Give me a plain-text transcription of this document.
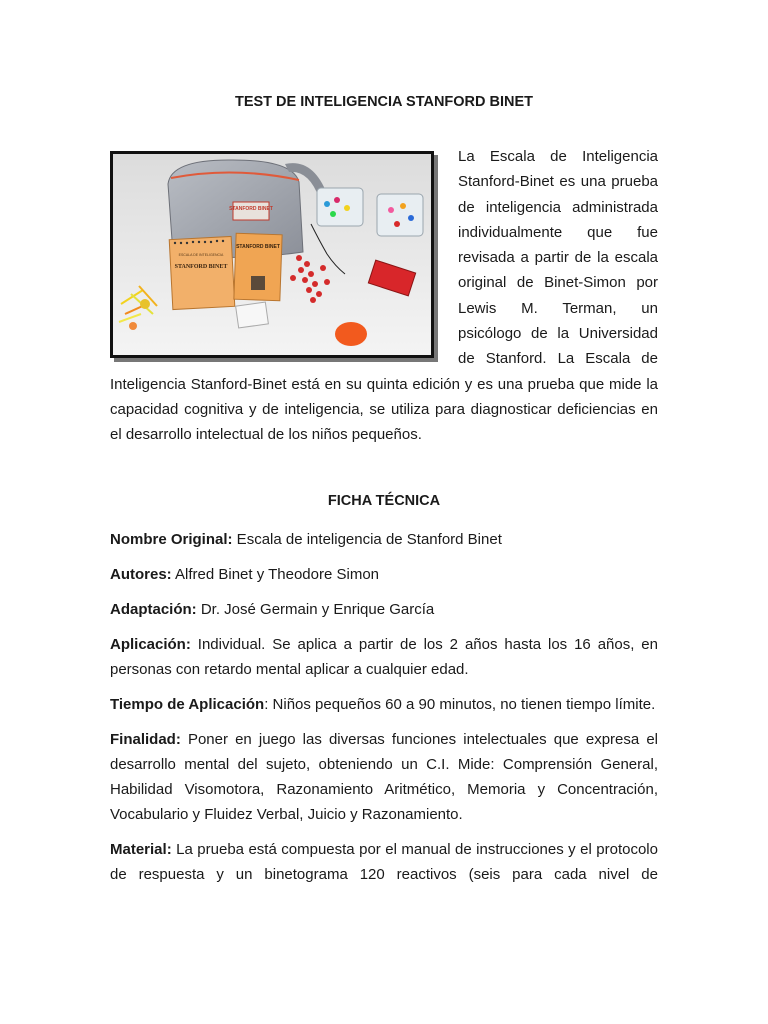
TEST DE INTELIGENCIA STANFORD BINET
STANFORD BINET
ESCALA DE INTELIGENCIA
STANFORD BINET
STANFORD BINET
La Escala de Inteligencia Stanford-Binet es una prueba de inteligencia administrada individualmente que fue revisada a partir de la escala original de Binet-Simon por Lewis M. Terman, un psicólogo de la Universidad de Stanford. La Escala de Inteligencia Stanford-Binet está en su quinta edición y es una prueba que mide la capacidad cognitiva y de inteligencia, se utiliza para diagnosticar deficiencias en el desarrollo intelectual de los niños pequeños.
FICHA TÉCNICA
Nombre Original: Escala de inteligencia de Stanford Binet
Autores: Alfred Binet y Theodore Simon
Adaptación: Dr. José Germain y Enrique García
Aplicación: Individual. Se aplica a partir de los 2 años hasta los 16 años, en personas con retardo mental aplicar a cualquier edad.
Tiempo de Aplicación: Niños pequeños 60 a 90 minutos, no tienen tiempo límite.
Finalidad: Poner en juego las diversas funciones intelectuales que expresa el desarrollo mental del sujeto, obteniendo un C.I. Mide: Comprensión General, Habilidad Visomotora, Razonamiento Aritmético, Memoria y Concentración, Vocabulario y Fluidez Verbal, Juicio y Razonamiento.
Material: La prueba está compuesta por el manual de instrucciones y el protocolo de respuesta y un binetograma 120 reactivos (seis para cada nivel de
